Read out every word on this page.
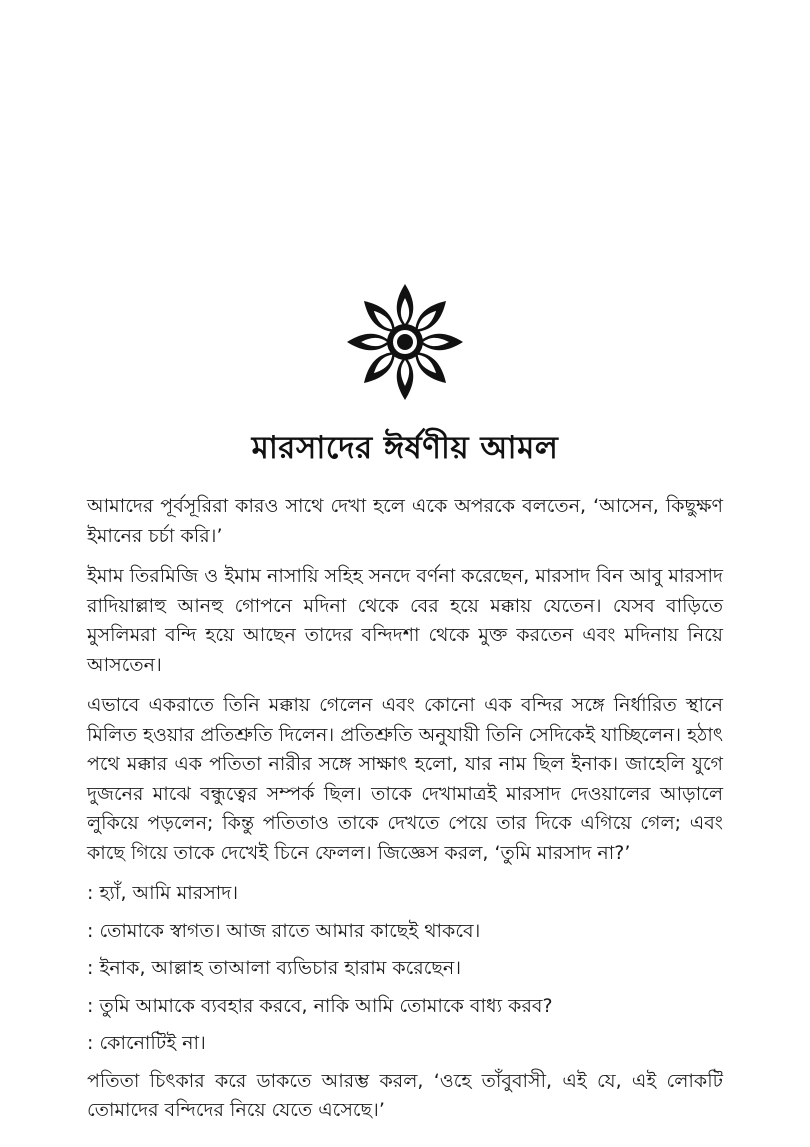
মারসাদের ঈর্ষণীয় আমল

আমাদের পূর্বসূরিরা কারও সাথে দেখা হলে একে অপরকে বলতেন, ‘আসেন, কিছুক্ষণ ইমানের চর্চা করি।’

ইমাম তিরমিজি ও ইমাম নাসায়ি সহিহ সনদে বর্ণনা করেছেন, মারসাদ বিন আবু মারসাদ রাদিয়াল্লাহু আনহু গোপনে মদিনা থেকে বের হয়ে মক্কায় যেতেন। যেসব বাড়িতে মুসলিমরা বন্দি হয়ে আছেন তাদের বন্দিদশা থেকে মুক্ত করতেন এবং মদিনায় নিয়ে আসতেন।

এভাবে একরাতে তিনি মক্কায় গেলেন এবং কোনো এক বন্দির সঙ্গে নির্ধারিত স্থানে মিলিত হওয়ার প্রতিশ্রুতি দিলেন। প্রতিশ্রুতি অনুযায়ী তিনি সেদিকেই যাচ্ছিলেন। হঠাৎ পথে মক্কার এক পতিতা নারীর সঙ্গে সাক্ষাৎ হলো, যার নাম ছিল ইনাক। জাহেলি যুগে দুজনের মাঝে বন্ধুত্বের সম্পর্ক ছিল। তাকে দেখামাত্রই মারসাদ দেওয়ালের আড়ালে লুকিয়ে পড়লেন; কিন্তু পতিতাও তাকে দেখতে পেয়ে তার দিকে এগিয়ে গেল; এবং কাছে গিয়ে তাকে দেখেই চিনে ফেলল। জিজ্ঞেস করল, ‘তুমি মারসাদ না?’

: হ্যাঁ, আমি মারসাদ।

: তোমাকে স্বাগত। আজ রাতে আমার কাছেই থাকবে।

: ইনাক, আল্লাহ তাআলা ব্যভিচার হারাম করেছেন।

: তুমি আমাকে ব্যবহার করবে, নাকি আমি তোমাকে বাধ্য করব?

: কোনোটিই না।

পতিতা চিৎকার করে ডাকতে আরম্ভ করল, ‘ওহে তাঁবুবাসী, এই যে, এই লোকটি তোমাদের বন্দিদের নিয়ে যেতে এসেছে।’
